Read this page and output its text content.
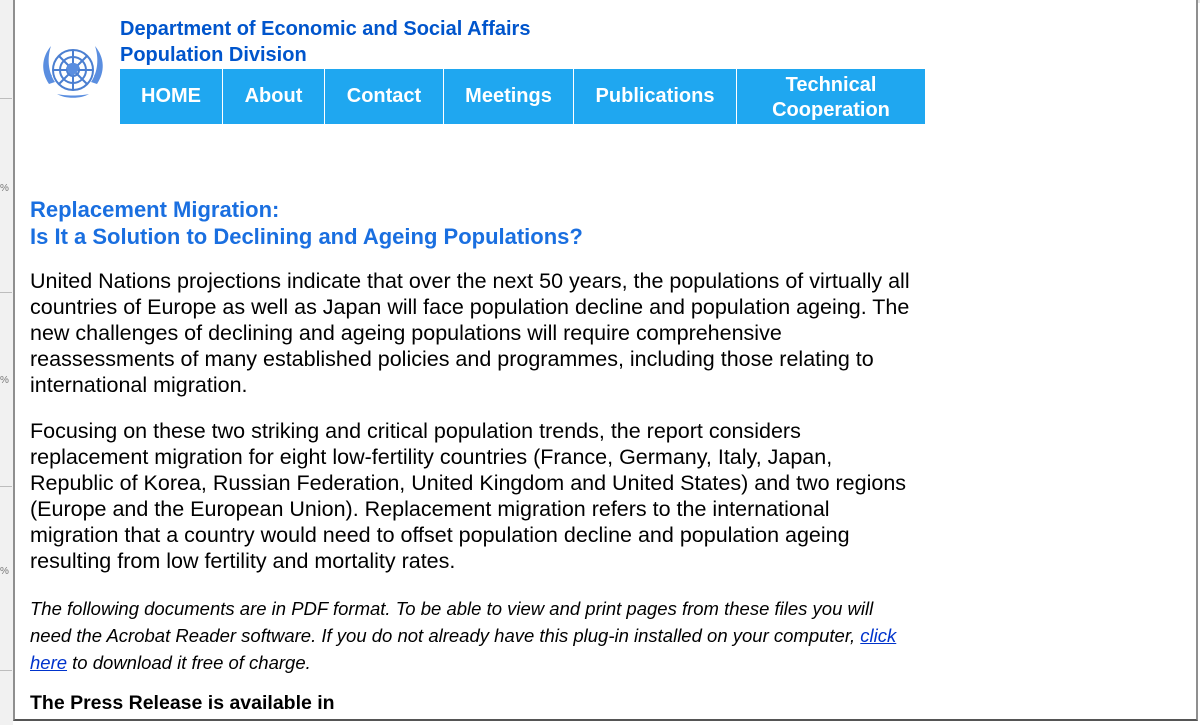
%
%
%
Department of Economic and Social Affairs
Population Division
HOME	About	Contact	Meetings	Publications
Technical
Cooperation
Replacement Migration:
Is It a Solution to Declining and Ageing Populations?
United Nations projections indicate that over the next 50 years, the populations of virtually all countries of Europe as well as Japan will face population decline and population ageing. The new challenges of declining and ageing populations will require comprehensive reassessments of many established policies and programmes, including those relating to international migration.
Focusing on these two striking and critical population trends, the report considers replacement migration for eight low-fertility countries (France, Germany, Italy, Japan, Republic of Korea, Russian Federation, United Kingdom and United States) and two regions (Europe and the European Union). Replacement migration refers to the international migration that a country would need to offset population decline and population ageing resulting from low fertility and mortality rates.
The following documents are in PDF format. To be able to view and print pages from these files you will need the Acrobat Reader software. If you do not already have this plug-in installed on your computer, click here to download it free of charge.
The Press Release is available in
